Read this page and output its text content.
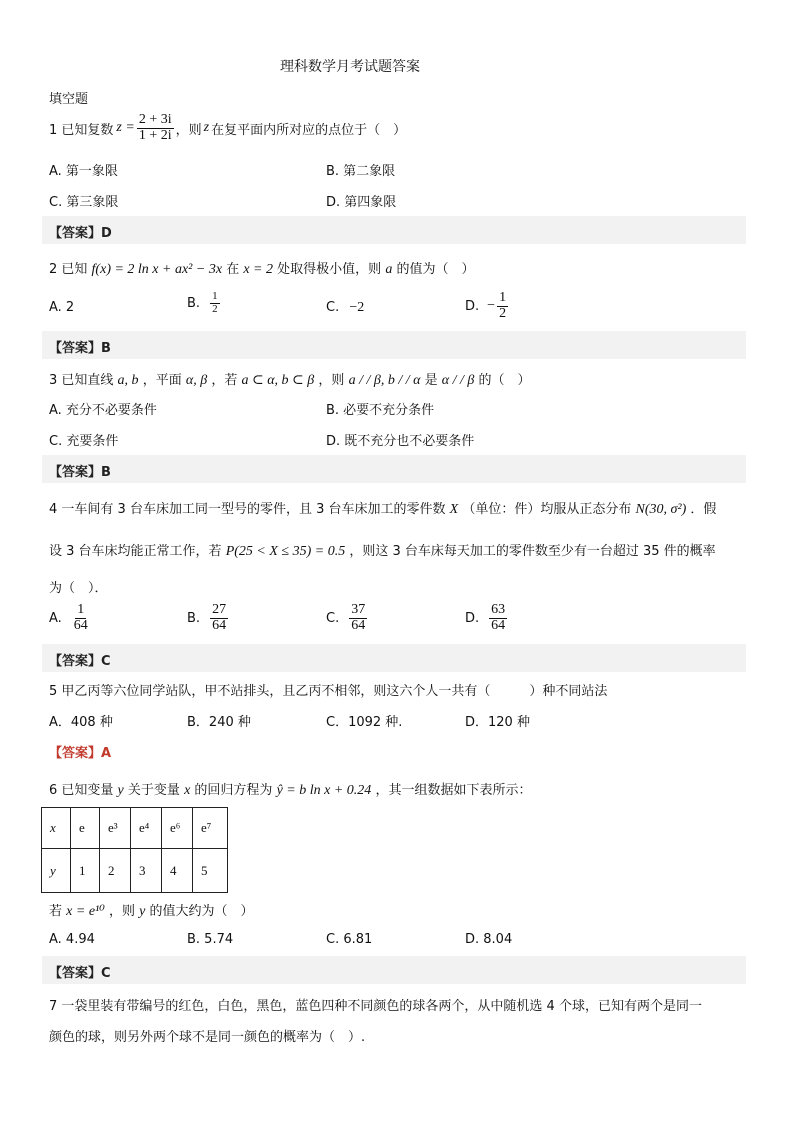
理科数学月考试题答案
填空题
1 已知复数 $z = \frac{2 + 3i}{1 + 2i}$ ，则 z 在复平面内所对应的点位于（　）
A. 第一象限	B. 第二象限
C. 第三象限	D. 第四象限
【答案】D
2 已知 f(x) = 2 ln x + ax² − 3x 在 x = 2 处取得极小值，则 a 的值为（　）
A. 2	B. $\frac{1}{2}$	C. −2	D. − $\frac{1}{2}$
【答案】B
3 已知直线 a, b ，平面 α, β ，若 a ⊂ α, b ⊂ β ，则 a / / β, b / / α 是 α / / β 的（　）
A. 充分不必要条件	B. 必要不充分条件
C. 充要条件	D. 既不充分也不必要条件
【答案】B
4 一车间有 3 台车床加工同一型号的零件，且 3 台车床加工的零件数 X （单位：件）均服从正态分布 N(30, σ²) ．假
设 3 台车床均能正常工作，若 P(25 < X ≤ 35) = 0.5 ，则这 3 台车床每天加工的零件数至少有一台超过 35 件的概率
为（　）．
A. $\frac{1}{64}$	B. $\frac{27}{64}$	C. $\frac{37}{64}$	D. $\frac{63}{64}$
【答案】C
5 甲乙丙等六位同学站队，甲不站排头，且乙丙不相邻，则这六个人一共有（　　　）种不同站法
A．408 种	B．240 种	C．1092 种.	D．120 种
【答案】A
6 已知变量 y 关于变量 x 的回归方程为 ŷ = b ln x + 0.24 ，其一组数据如下表所示：
x	e	e³	e⁴	e⁶	e⁷
y	1	2	3	4	5
若 x = e¹⁰ ，则 y 的值大约为（　）
A. 4.94	B. 5.74	C. 6.81	D. 8.04
【答案】C
7 一袋里装有带编号的红色，白色，黑色，蓝色四种不同颜色的球各两个，从中随机选 4 个球，已知有两个是同一
颜色的球，则另外两个球不是同一颜色的概率为（　）.
